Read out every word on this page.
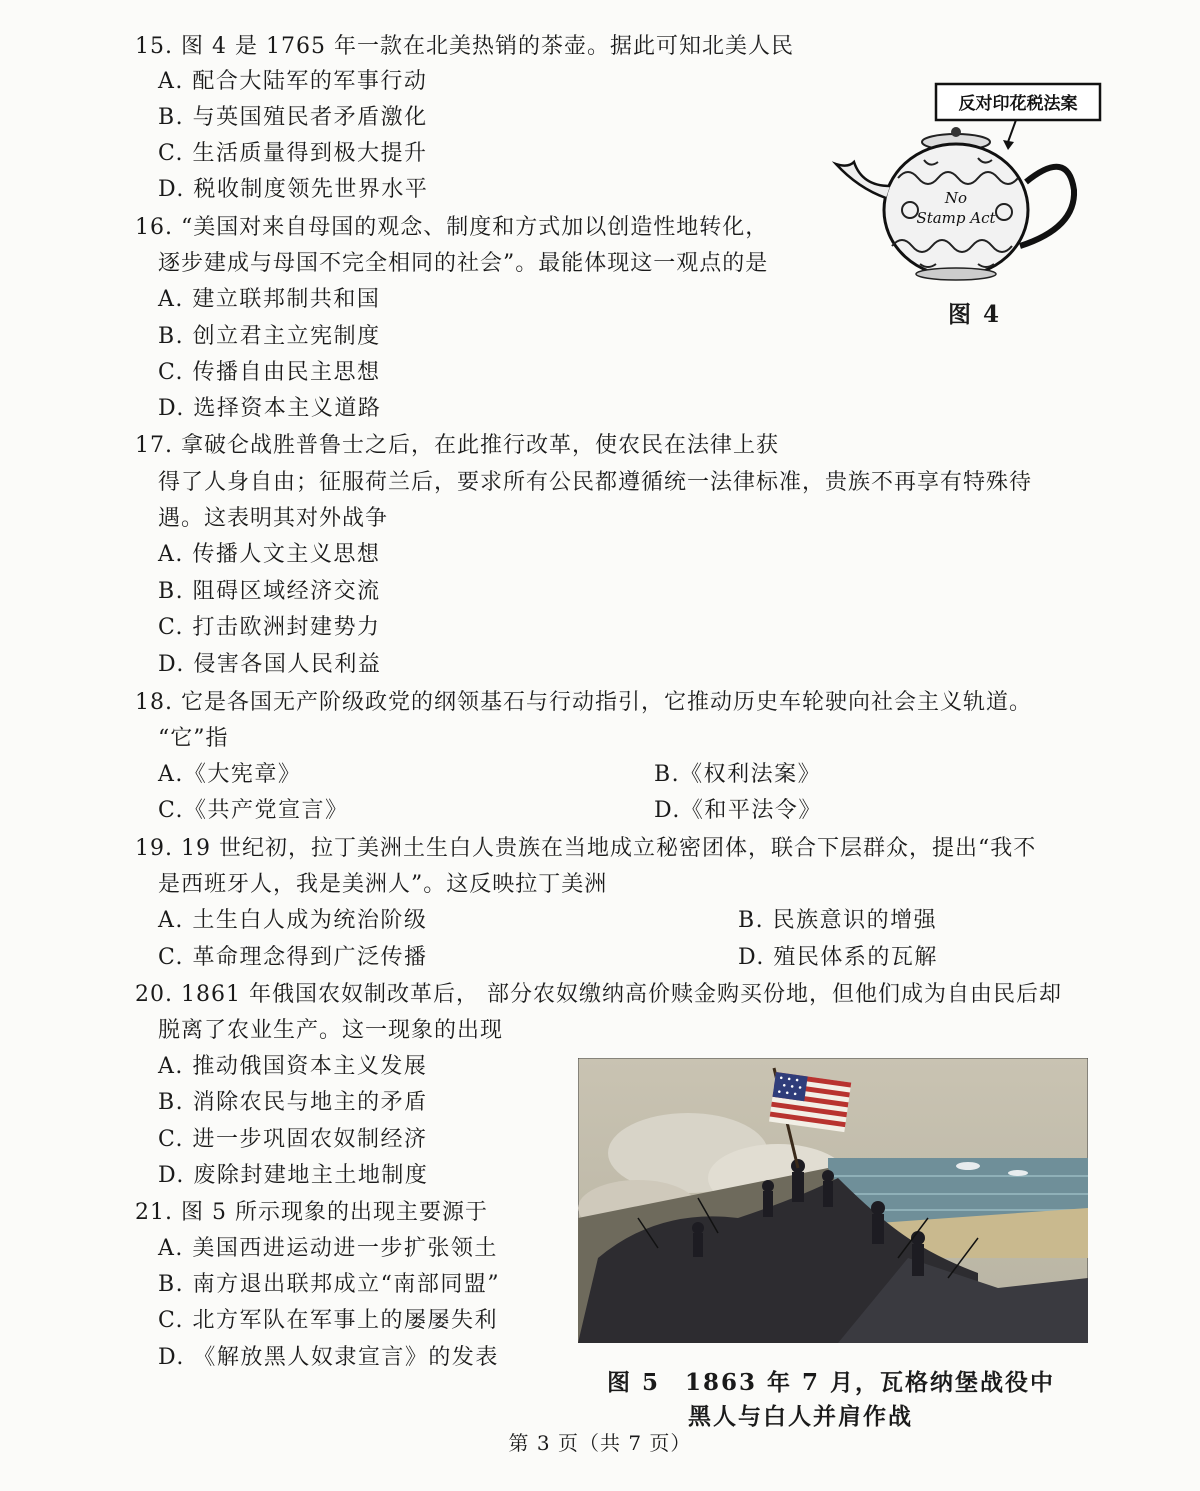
15. 图 4 是 1765 年一款在北美热销的茶壶。据此可知北美人民
A. 配合大陆军的军事行动
B. 与英国殖民者矛盾激化
C. 生活质量得到极大提升
D. 税收制度领先世界水平
反对印花税法案
No
Stamp Act
图 4
16. “美国对来自母国的观念、制度和方式加以创造性地转化，
逐步建成与母国不完全相同的社会”。最能体现这一观点的是
A. 建立联邦制共和国
B. 创立君主立宪制度
C. 传播自由民主思想
D. 选择资本主义道路
17. 拿破仑战胜普鲁士之后，在此推行改革，使农民在法律上获
得了人身自由；征服荷兰后，要求所有公民都遵循统一法律标准，贵族不再享有特殊待
遇。这表明其对外战争
A. 传播人文主义思想
B. 阻碍区域经济交流
C. 打击欧洲封建势力
D. 侵害各国人民利益
18. 它是各国无产阶级政党的纲领基石与行动指引，它推动历史车轮驶向社会主义轨道。
“它”指
A.《大宪章》	B.《权利法案》
C.《共产党宣言》	D.《和平法令》
19. 19 世纪初，拉丁美洲土生白人贵族在当地成立秘密团体，联合下层群众，提出“我不
是西班牙人，我是美洲人”。这反映拉丁美洲
A. 土生白人成为统治阶级	B. 民族意识的增强
C. 革命理念得到广泛传播	D. 殖民体系的瓦解
20. 1861 年俄国农奴制改革后， 部分农奴缴纳高价赎金购买份地，但他们成为自由民后却
脱离了农业生产。这一现象的出现
A. 推动俄国资本主义发展
B. 消除农民与地主的矛盾
C. 进一步巩固农奴制经济
D. 废除封建地主土地制度
21. 图 5 所示现象的出现主要源于
A. 美国西进运动进一步扩张领土
B. 南方退出联邦成立“南部同盟”
C. 北方军队在军事上的屡屡失利
D. 《解放黑人奴隶宣言》的发表
图 5　1863 年 7 月，瓦格纳堡战役中
黑人与白人并肩作战
第 3 页（共 7 页）
